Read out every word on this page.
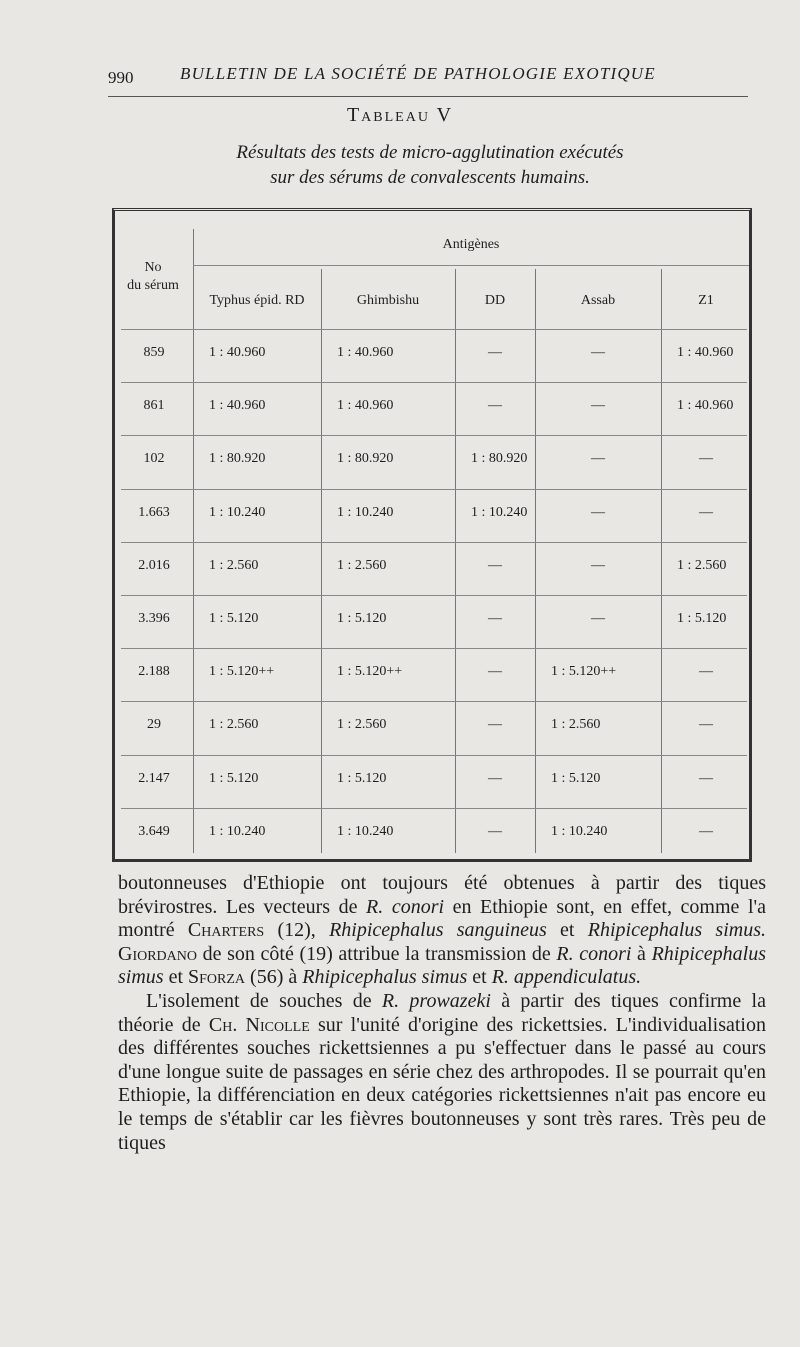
990	BULLETIN DE LA SOCIÉTÉ DE PATHOLOGIE EXOTIQUE
Tableau V
Résultats des tests de micro-agglutination exécutés
sur des sérums de convalescents humains.
No
du sérum
Antigènes
Typhus épid. RD	Ghimbishu	DD	Assab	Z1
859	1 : 40.960	1 : 40.960	—	—	1 : 40.960
861	1 : 40.960	1 : 40.960	—	—	1 : 40.960
102	1 : 80.920	1 : 80.920	1 : 80.920	—	—
1.663	1 : 10.240	1 : 10.240	1 : 10.240	—	—
2.016	1 : 2.560	1 : 2.560	—	—	1 : 2.560
3.396	1 : 5.120	1 : 5.120	—	—	1 : 5.120
2.188	1 : 5.120++	1 : 5.120++	—	1 : 5.120++	—
29	1 : 2.560	1 : 2.560	—	1 : 2.560	—
2.147	1 : 5.120	1 : 5.120	—	1 : 5.120	—
3.649	1 : 10.240	1 : 10.240	—	1 : 10.240	—

boutonneuses d'Ethiopie ont toujours été obtenues à partir des tiques brévirostres. Les vecteurs de R. conori en Ethiopie sont, en effet, comme l'a montré Charters (12), Rhipicephalus sanguineus et Rhipicephalus simus. Giordano de son côté (19) attribue la transmission de R. conori à Rhipicephalus simus et Sforza (56) à Rhipicephalus simus et R. appendiculatus.

L'isolement de souches de R. prowazeki à partir des tiques confirme la théorie de Ch. Nicolle sur l'unité d'origine des rickettsies. L'individualisation des différentes souches rickettsiennes a pu s'effectuer dans le passé au cours d'une longue suite de passages en série chez des arthropodes. Il se pourrait qu'en Ethiopie, la différenciation en deux catégories rickettsiennes n'ait pas encore eu le temps de s'établir car les fièvres boutonneuses y sont très rares. Très peu de tiques
